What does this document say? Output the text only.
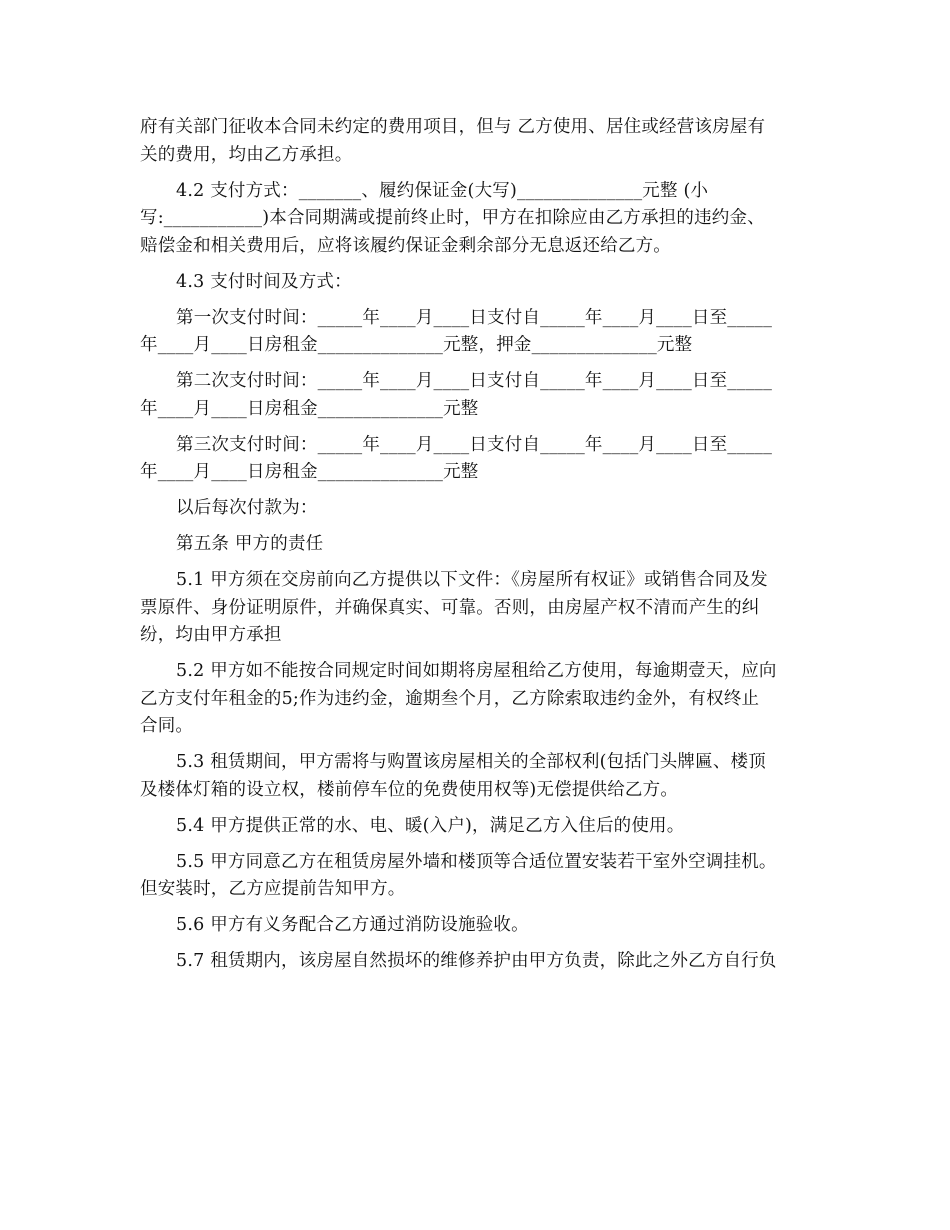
府有关部门征收本合同未约定的费用项目，但与 乙方使用、居住或经营该房屋有
关的费用，均由乙方承担。

4.2 支付方式：_______、履约保证金(大写)______________元整 (小
写:___________)本合同期满或提前终止时，甲方在扣除应由乙方承担的违约金、
赔偿金和相关费用后，应将该履约保证金剩余部分无息返还给乙方。

4.3 支付时间及方式：

第一次支付时间：_____年____月____日支付自_____年____月____日至_____
年____月____日房租金______________元整，押金______________元整

第二次支付时间：_____年____月____日支付自_____年____月____日至_____
年____月____日房租金______________元整

第三次支付时间：_____年____月____日支付自_____年____月____日至_____
年____月____日房租金______________元整

以后每次付款为：

第五条 甲方的责任

5.1 甲方须在交房前向乙方提供以下文件：《房屋所有权证》或销售合同及发
票原件、身份证明原件，并确保真实、可靠。否则，由房屋产权不清而产生的纠
纷，均由甲方承担

5.2 甲方如不能按合同规定时间如期将房屋租给乙方使用，每逾期壹天，应向
乙方支付年租金的5;作为违约金，逾期叁个月，乙方除索取违约金外，有权终止
合同。

5.3 租赁期间，甲方需将与购置该房屋相关的全部权利(包括门头牌匾、楼顶
及楼体灯箱的设立权，楼前停车位的免费使用权等)无偿提供给乙方。

5.4 甲方提供正常的水、电、暖(入户)，满足乙方入住后的使用。

5.5 甲方同意乙方在租赁房屋外墙和楼顶等合适位置安装若干室外空调挂机。
但安装时，乙方应提前告知甲方。

5.6 甲方有义务配合乙方通过消防设施验收。

5.7 租赁期内，该房屋自然损坏的维修养护由甲方负责，除此之外乙方自行负
